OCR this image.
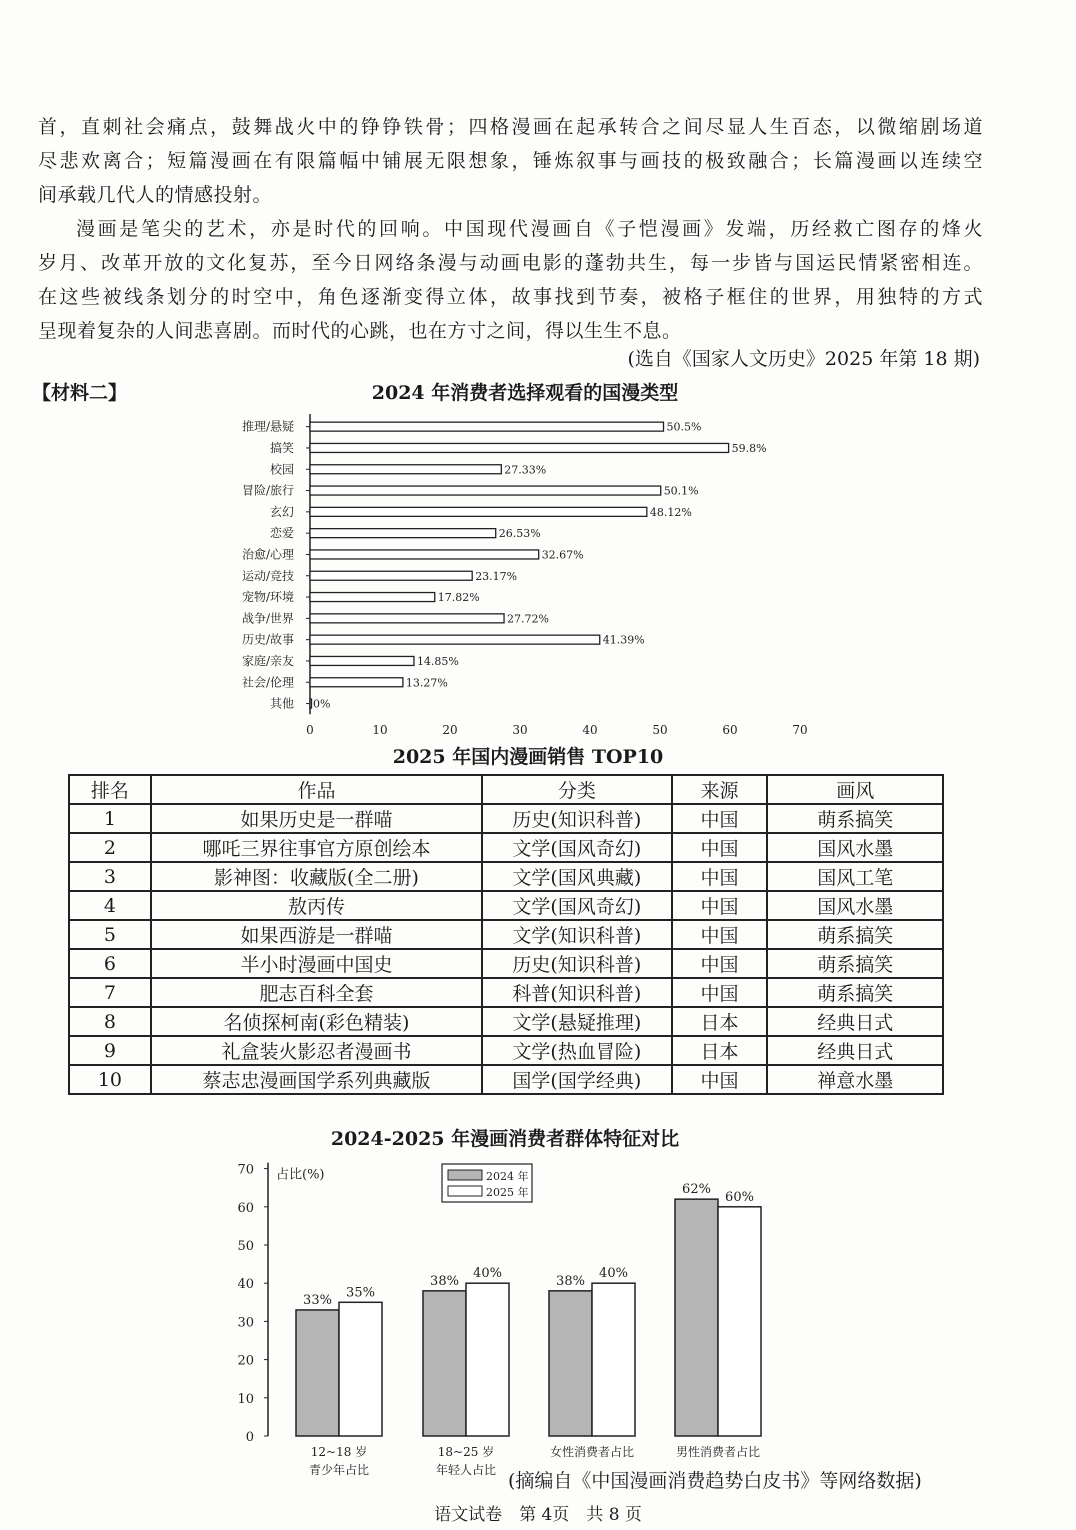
首，直刺社会痛点，鼓舞战火中的铮铮铁骨；四格漫画在起承转合之间尽显人生百态，以微缩剧场道

尽悲欢离合；短篇漫画在有限篇幅中铺展无限想象，锤炼叙事与画技的极致融合；长篇漫画以连续空

间承载几代人的情感投射。

漫画是笔尖的艺术，亦是时代的回响。中国现代漫画自《子恺漫画》发端，历经救亡图存的烽火

岁月、改革开放的文化复苏，至今日网络条漫与动画电影的蓬勃共生，每一步皆与国运民情紧密相连。

在这些被线条划分的时空中，角色逐渐变得立体，故事找到节奏，被格子框住的世界，用独特的方式

呈现着复杂的人间悲喜剧。而时代的心跳，也在方寸之间，得以生生不息。

(选自《国家人文历史》2025 年第 18 期)
【材料二】	2024 年消费者选择观看的国漫类型
推理/悬疑	50.5%
搞笑	59.8%
校园	27.33%
冒险/旅行	50.1%
玄幻	48.12%
恋爱	26.53%
治愈/心理	32.67%
运动/竞技	23.17%
宠物/环境	17.82%
战争/世界	27.72%
历史/故事	41.39%
家庭/亲友	14.85%
社会/伦理	13.27%
其他 0%
0	10	20	30	40	50	60	70
2025 年国内漫画销售 TOP10
排名	作品	分类	来源	画风
1	如果历史是一群喵	历史(知识科普)	中国	萌系搞笑
2	哪吒三界往事官方原创绘本	文学(国风奇幻)	中国	国风水墨
3	影神图：收藏版(全二册)	文学(国风典藏)	中国	国风工笔
4	敖丙传	文学(国风奇幻)	中国	国风水墨
5	如果西游是一群喵	文学(知识科普)	中国	萌系搞笑
6	半小时漫画中国史	历史(知识科普)	中国	萌系搞笑
7	肥志百科全套	科普(知识科普)	中国	萌系搞笑
8	名侦探柯南(彩色精装)	文学(悬疑推理)	日本	经典日式
9	礼盒装火影忍者漫画书	文学(热血冒险)	日本	经典日式
10	蔡志忠漫画国学系列典藏版	国学(国学经典)	中国	禅意水墨
2024-2025 年漫画消费者群体特征对比
0
10
20
30
40
50
60
70 占比(%)
33%
38%	38%
62%
35%
40%	40%
60%
12~18 岁
青少年占比
18~25 岁
年轻人占比
女性消费者占比	男性消费者占比
2024 年
2025 年
(摘编自《中国漫画消费趋势白皮书》等网络数据)
语文试卷　第 4页　共 8 页
